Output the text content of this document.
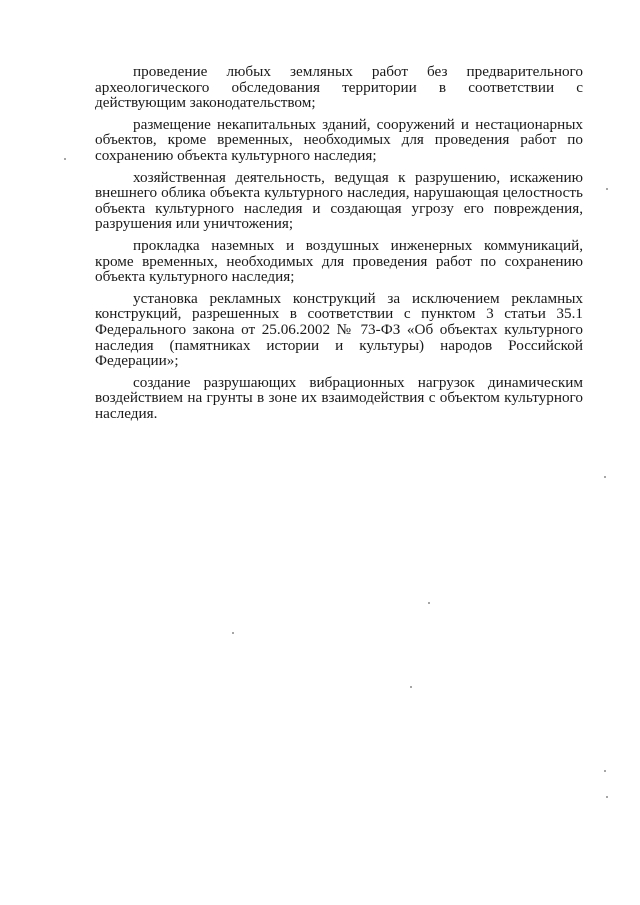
проведение любых земляных работ без предварительного археологического обследования территории в соответствии с действующим законодательством;

размещение некапитальных зданий, сооружений и нестационарных объектов, кроме временных, необходимых для проведения работ по сохранению объекта культурного наследия;

хозяйственная деятельность, ведущая к разрушению, искажению внешнего облика объекта культурного наследия, нарушающая целостность объекта культурного наследия и создающая угрозу его повреждения, разрушения или уничтожения;

прокладка наземных и воздушных инженерных коммуникаций, кроме временных, необходимых для проведения работ по сохранению объекта культурного наследия;

установка рекламных конструкций за исключением рекламных конструкций, разрешенных в соответствии с пунктом 3 статьи 35.1 Федерального закона от 25.06.2002 № 73-ФЗ «Об объектах культурного наследия (памятниках истории и культуры) народов Российской Федерации»;

создание разрушающих вибрационных нагрузок динамическим воздействием на грунты в зоне их взаимодействия с объектом культурного наследия.
